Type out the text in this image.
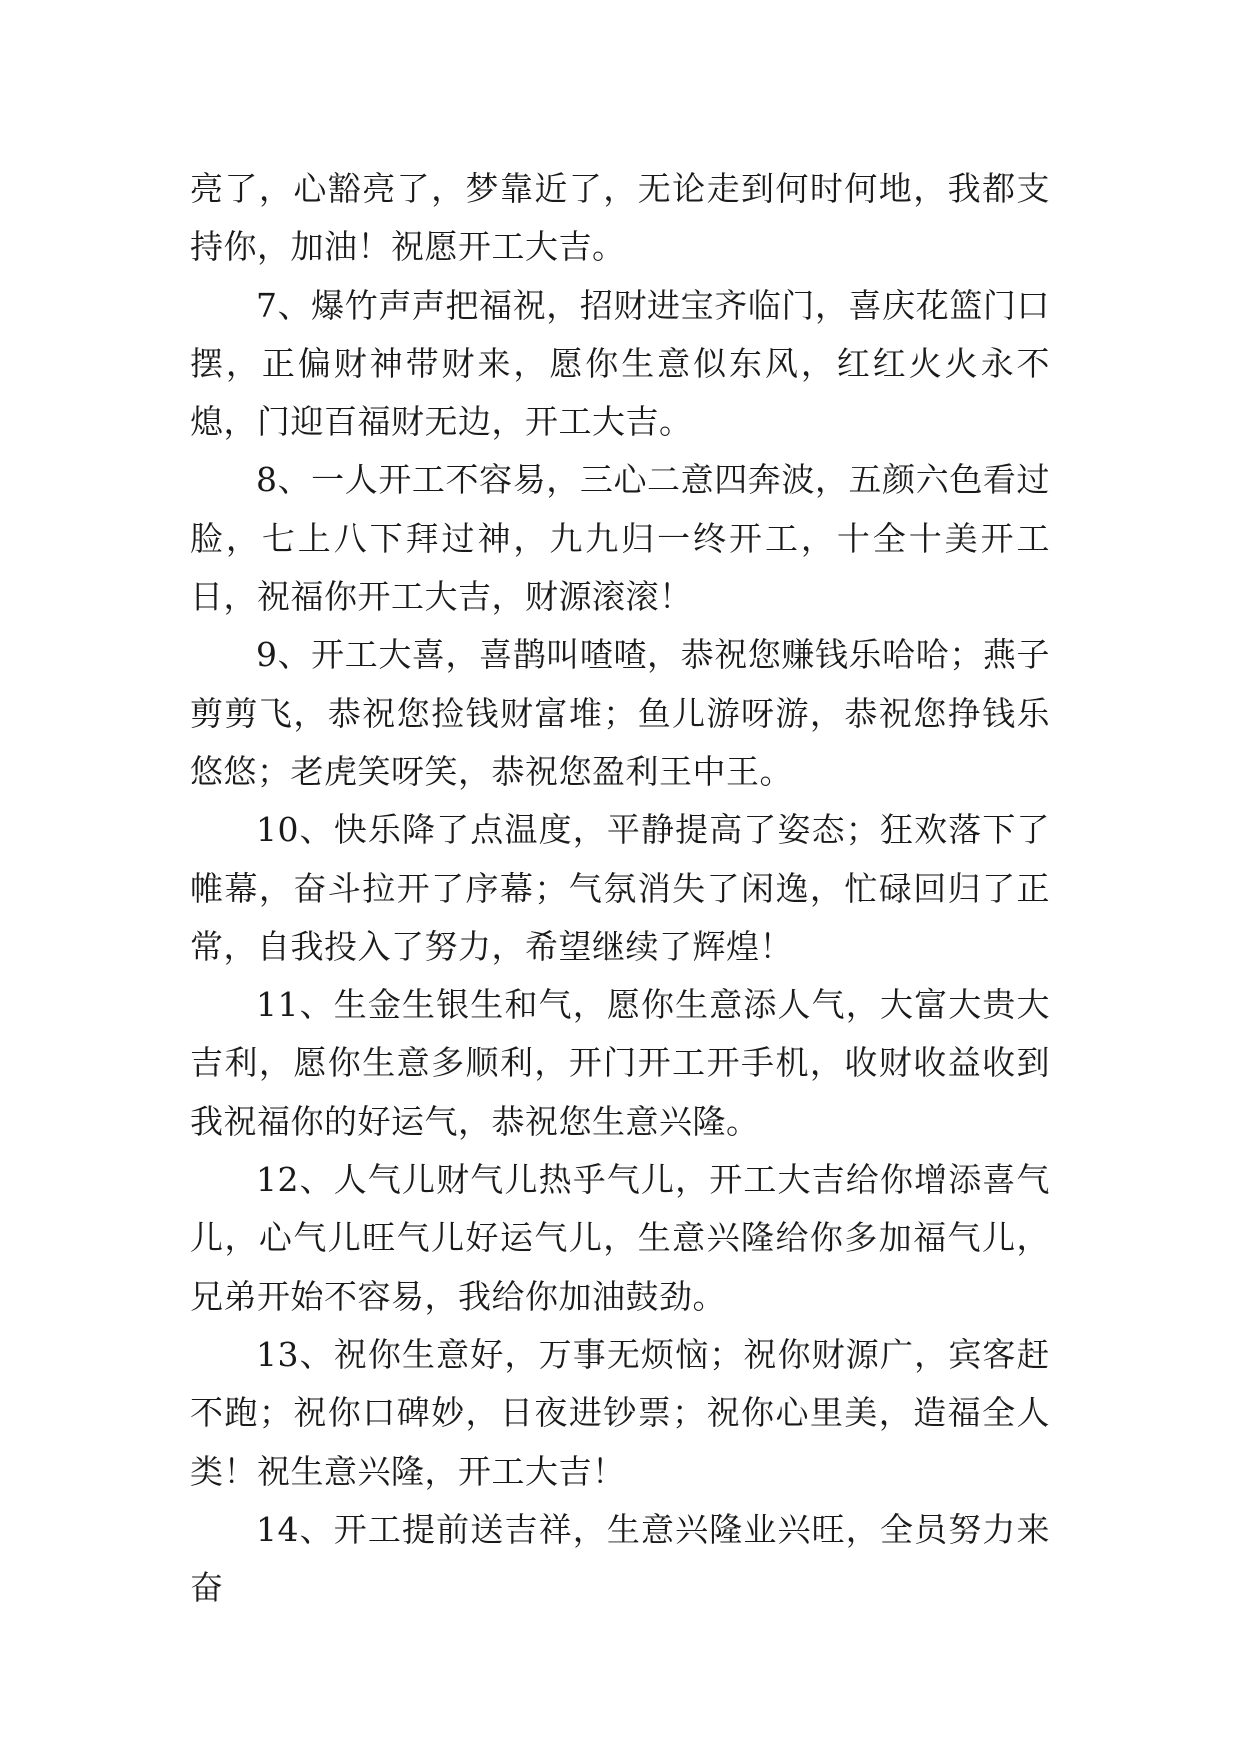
亮了，心豁亮了，梦靠近了，无论走到何时何地，我都支持你，加油！祝愿开工大吉。

7、爆竹声声把福祝，招财进宝齐临门，喜庆花篮门口摆，正偏财神带财来，愿你生意似东风，红红火火永不熄，门迎百福财无边，开工大吉。

8、一人开工不容易，三心二意四奔波，五颜六色看过脸，七上八下拜过神，九九归一终开工，十全十美开工日，祝福你开工大吉，财源滚滚！

9、开工大喜，喜鹊叫喳喳，恭祝您赚钱乐哈哈；燕子剪剪飞，恭祝您捡钱财富堆；鱼儿游呀游，恭祝您挣钱乐悠悠；老虎笑呀笑，恭祝您盈利王中王。

10、快乐降了点温度，平静提高了姿态；狂欢落下了帷幕，奋斗拉开了序幕；气氛消失了闲逸，忙碌回归了正常，自我投入了努力，希望继续了辉煌！

11、生金生银生和气，愿你生意添人气，大富大贵大吉利，愿你生意多顺利，开门开工开手机，收财收益收到我祝福你的好运气，恭祝您生意兴隆。

12、人气儿财气儿热乎气儿，开工大吉给你增添喜气儿，心气儿旺气儿好运气儿，生意兴隆给你多加福气儿，兄弟开始不容易，我给你加油鼓劲。

13、祝你生意好，万事无烦恼；祝你财源广，宾客赶不跑；祝你口碑妙，日夜进钞票；祝你心里美，造福全人类！祝生意兴隆，开工大吉！

14、开工提前送吉祥，生意兴隆业兴旺，全员努力来奋
